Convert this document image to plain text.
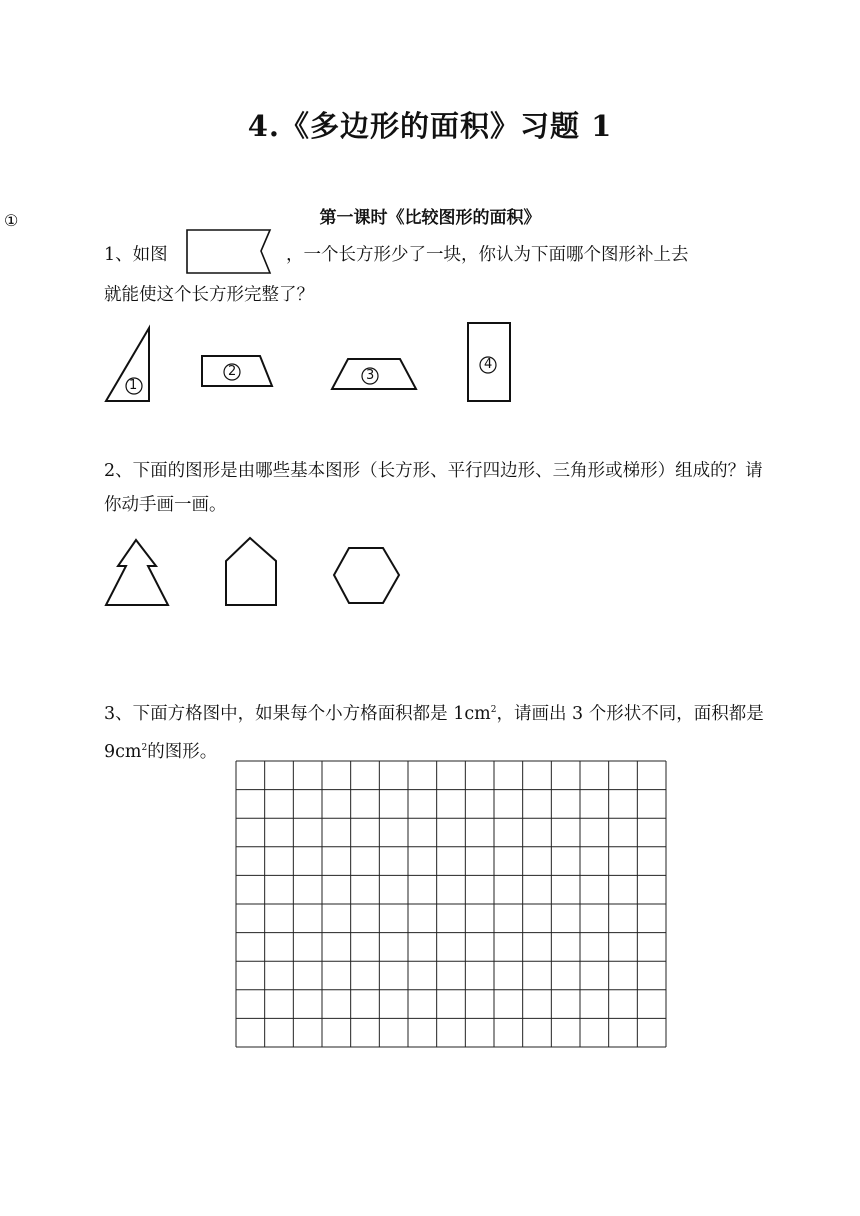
4.《多边形的面积》习题 1
第一课时《比较图形的面积》
1、如图	，一个长方形少了一块，你认为下面哪个图形补上去
就能使这个长方形完整了？
①
1
2	3
4
2、下面的图形是由哪些基本图形（长方形、平行四边形、三角形或梯形）组成的？请你动手画一画。
3、下面方格图中，如果每个小方格面积都是 $1cm^2$，请画出 3 个形状不同，面积都是 $9cm^2$的图形。
